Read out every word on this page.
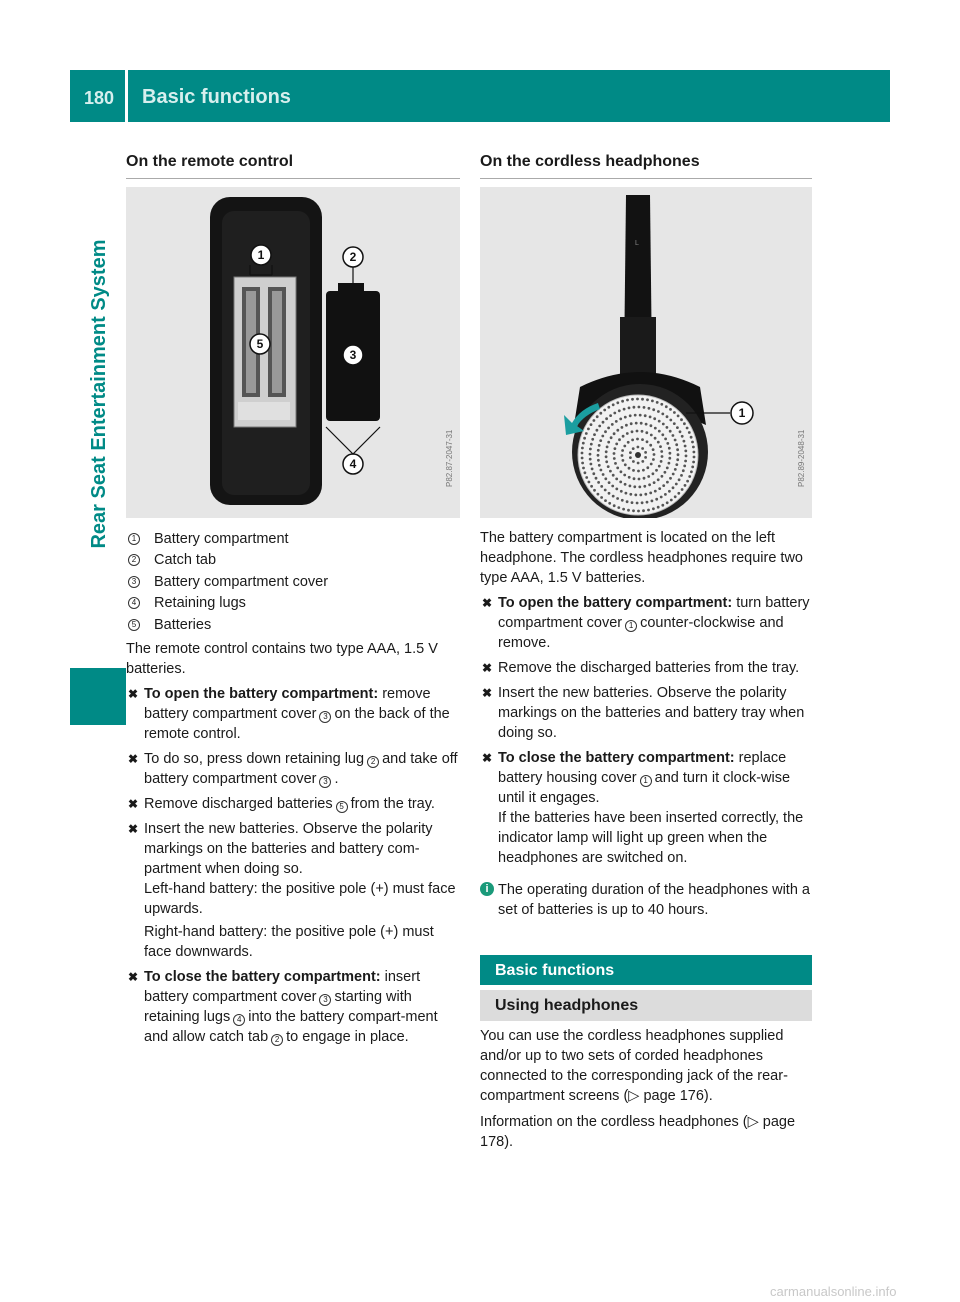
180 Basic functions
Rear Seat Entertainment System
On the remote control
1	2
5
3
4	P82.87-2047-31
1 Battery compartment
2 Catch tab
3 Battery compartment cover
4 Retaining lugs
5 Batteries
The remote control contains two type AAA, 1.5 V batteries.
✖ To open the battery compartment: remove battery compartment cover 3 on the back of the remote control.
✖ To do so, press down retaining lug 2 and take off battery compartment cover 3 .
✖ Remove discharged batteries 5 from the tray.
✖ Insert the new batteries. Observe the polarity markings on the batteries and battery com-partment when doing so.
Left-hand battery: the positive pole (+) must face upwards.
Right-hand battery: the positive pole (+) must face downwards.
✖ To close the battery compartment: insert battery compartment cover 3 starting with retaining lugs 4 into the battery compart-ment and allow catch tab 2 to engage in place.
On the cordless headphones
L
1
P82.89-2048-31
The battery compartment is located on the left headphone. The cordless headphones require two type AAA, 1.5 V batteries.
✖ To open the battery compartment: turn battery compartment cover 1 counter-clockwise and remove.
✖ Remove the discharged batteries from the tray.
✖ Insert the new batteries. Observe the polarity markings on the batteries and battery tray when doing so.
✖ To close the battery compartment: replace battery housing cover 1 and turn it clock-wise until it engages.
If the batteries have been inserted correctly, the indicator lamp will light up green when the headphones are switched on.
i The operating duration of the headphones with a set of batteries is up to 40 hours.
Basic functions
Using headphones
You can use the cordless headphones supplied and/or up to two sets of corded headphones connected to the corresponding jack of the rear-compartment screens (▷ page 176).
Information on the cordless headphones (▷ page 178).
carmanualsonline.info
